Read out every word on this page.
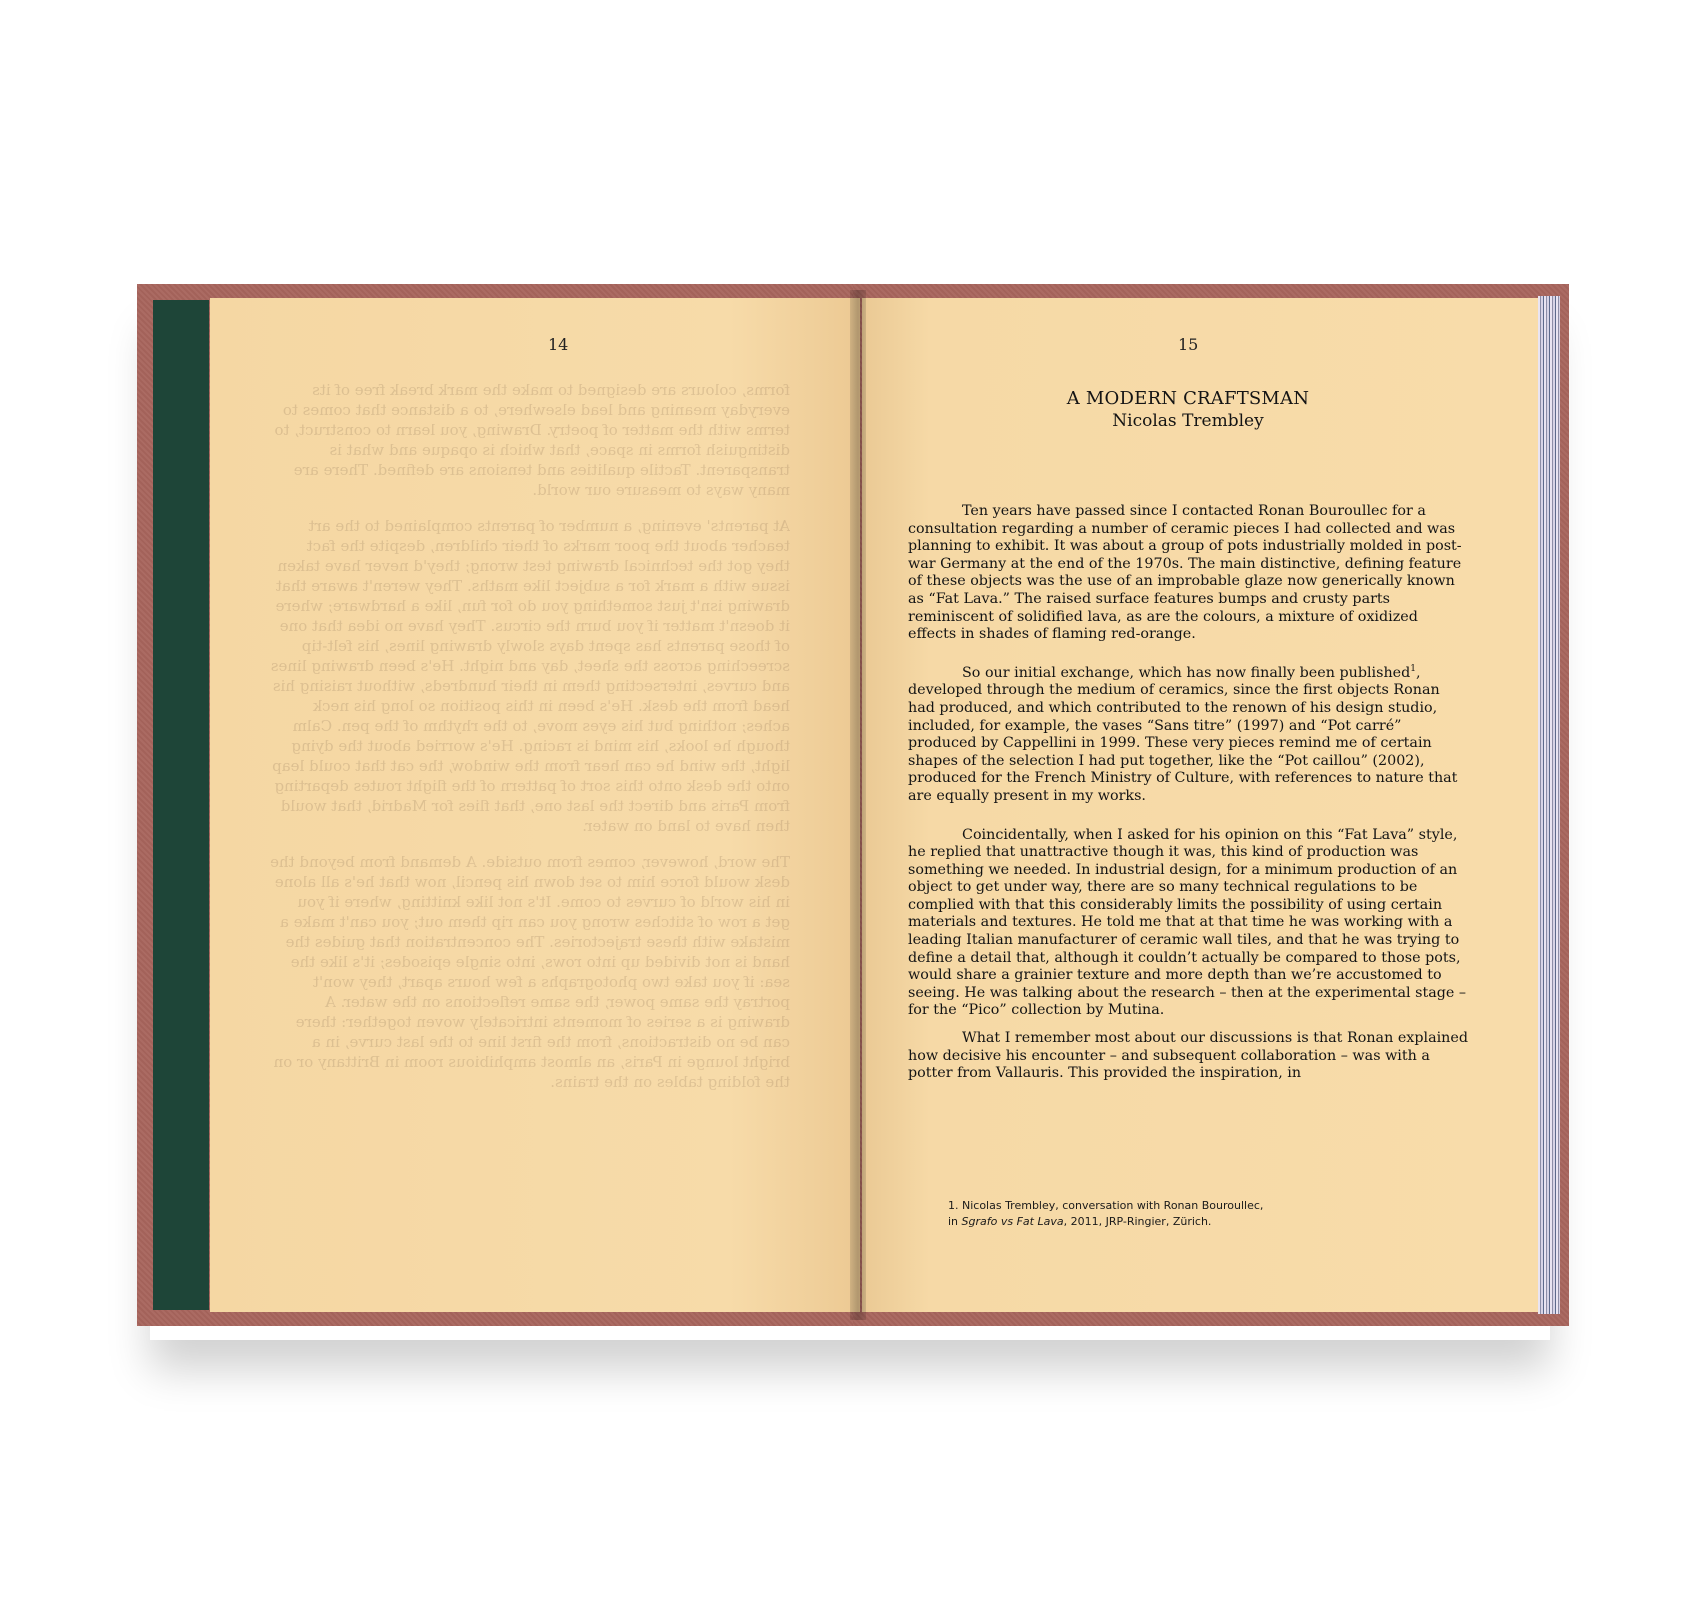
14

forms, colours are designed to make the mark break free of its everyday meaning and lead elsewhere, to a distance that comes to terms with the matter of poetry. Drawing, you learn to construct, to distinguish forms in space, that which is opaque and what is transparent. Tactile qualities and tensions are defined. There are many ways to measure our world.

At parents' evening, a number of parents complained to the art teacher about the poor marks of their children, despite the fact they got the technical drawing test wrong; they'd never have taken issue with a mark for a subject like maths. They weren't aware that drawing isn't just something you do for fun, like a hardware; where it doesn't matter if you burn the circus. They have no idea that one of those parents has spent days slowly drawing lines, his felt-tip screeching across the sheet, day and night. He's been drawing lines and curves, intersecting them in their hundreds, without raising his head from the desk. He's been in this position so long his neck aches; nothing but his eyes move, to the rhythm of the pen. Calm though he looks, his mind is racing. He's worried about the dying light, the wind he can hear from the window, the cat that could leap onto the desk onto this sort of pattern of the flight routes departing from Paris and direct the last one, that flies for Madrid, that would then have to land on water.

The word, however, comes from outside. A demand from beyond the desk would force him to set down his pencil, now that he's all alone in his world of curves to come. It's not like knitting, where if you get a row of stitches wrong you can rip them out; you can't make a mistake with these trajectories. The concentration that guides the hand is not divided up into rows, into single episodes; it's like the sea: if you take two photographs a few hours apart, they won't portray the same power, the same reflections on the water. A drawing is a series of moments intricately woven together: there can be no distractions, from the first line to the last curve, in a bright lounge in Paris, an almost amphibious room in Brittany or on the folding tables on the trains.

15

A MODERN CRAFTSMAN
Nicolas Trembley

Ten years have passed since I contacted Ronan Bouroullec for a consultation regarding a number of ceramic pieces I had collected and was planning to exhibit. It was about a group of pots industrially molded in post-war Germany at the end of the 1970s. The main distinctive, defining feature of these objects was the use of an improbable glaze now generically known as “Fat Lava.” The raised surface features bumps and crusty parts reminiscent of solidified lava, as are the colours, a mixture of oxidized effects in shades of flaming red-orange.

So our initial exchange, which has now finally been published$^1$, developed through the medium of ceramics, since the first objects Ronan had produced, and which contributed to the renown of his design studio, included, for example, the vases “Sans titre” (1997) and “Pot carré” produced by Cappellini in 1999. These very pieces remind me of certain shapes of the selection I had put together, like the “Pot caillou” (2002), produced for the French Ministry of Culture, with references to nature that are equally present in my works.

Coincidentally, when I asked for his opinion on this “Fat Lava” style, he replied that unattractive though it was, this kind of production was something we needed. In industrial design, for a minimum production of an object to get under way, there are so many technical regulations to be complied with that this considerably limits the possibility of using certain materials and textures. He told me that at that time he was working with a leading Italian manufacturer of ceramic wall tiles, and that he was trying to define a detail that, although it couldn’t actually be compared to those pots, would share a grainier texture and more depth than we’re accustomed to seeing. He was talking about the research – then at the experimental stage – for the “Pico” collection by Mutina.

What I remember most about our discussions is that Ronan explained how decisive his encounter – and subsequent collaboration – was with a potter from Vallauris. This provided the inspiration, in

1. Nicolas Trembley, conversation with Ronan Bouroullec,
in Sgrafo vs Fat Lava, 2011, JRP-Ringier, Zürich.
